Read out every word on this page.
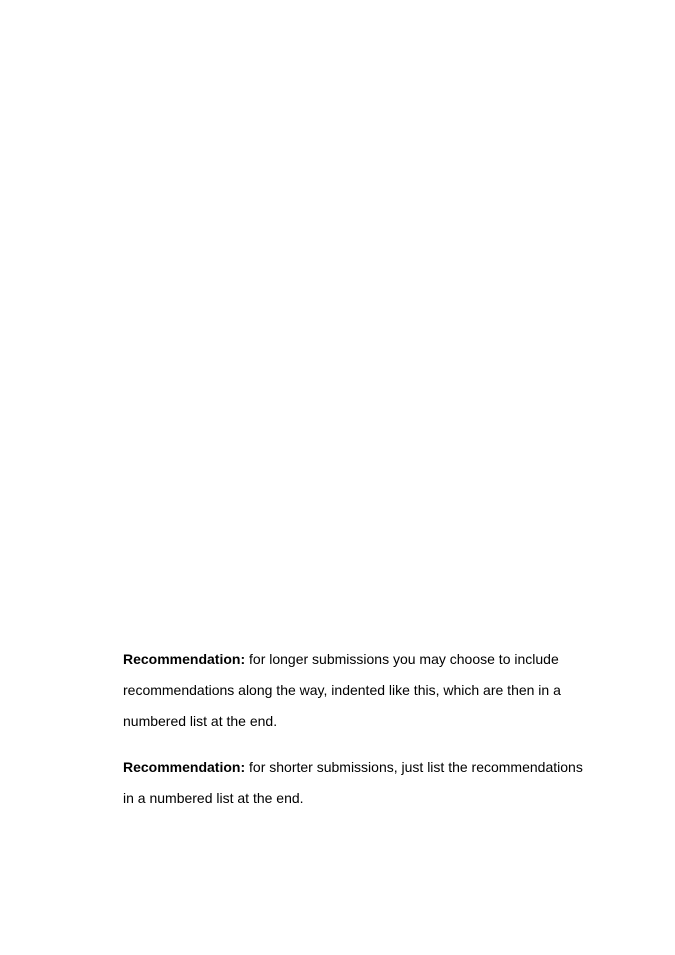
Recommendation: for longer submissions you may choose to include recommendations along the way, indented like this, which are then in a numbered list at the end.

Recommendation: for shorter submissions, just list the recommendations in a numbered list at the end.
